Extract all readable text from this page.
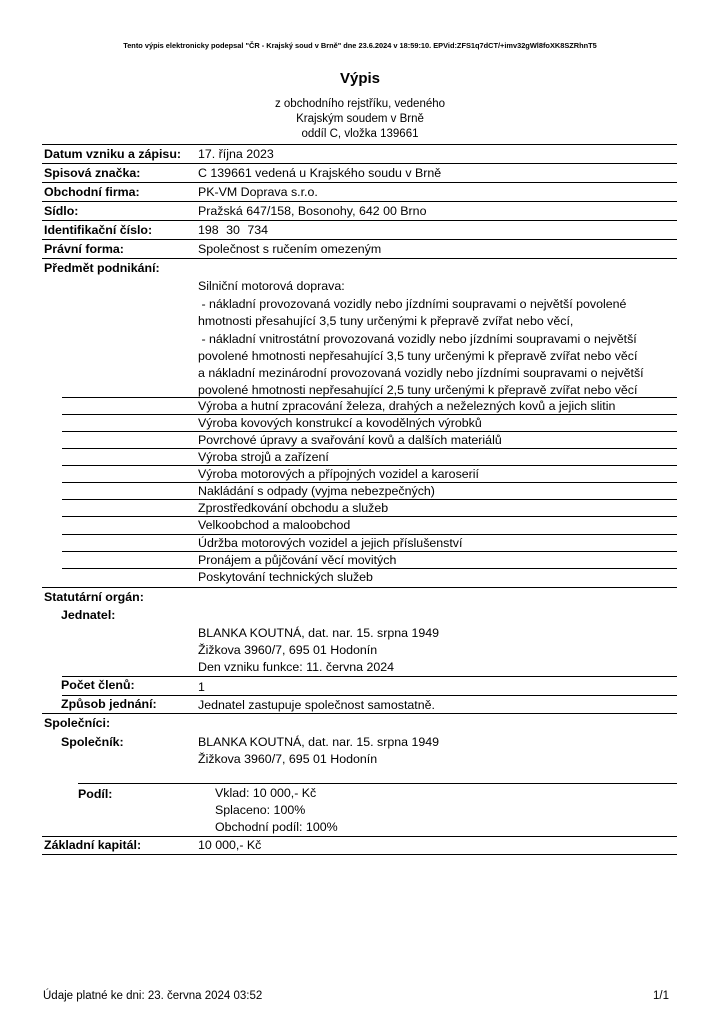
Tento výpis elektronicky podepsal "ČR - Krajský soud v Brně" dne 23.6.2024 v 18:59:10. EPVid:ZFS1q7dCT/+imv32gWl8foXK8SZRhnT5
Výpis
z obchodního rejstříku, vedeného
Krajským soudem v Brně
oddíl C, vložka 139661
Datum vzniku a zápisu: 17. října 2023
Spisová značka:	C 139661 vedená u Krajského soudu v Brně
Obchodní firma:	PK-VM Doprava s.r.o.
Sídlo:	Pražská 647/158, Bosonohy, 642 00 Brno
Identifikační číslo:	198 30 734
Právní forma:	Společnost s ručením omezeným
Předmět podnikání:
Silniční motorová doprava:
- nákladní provozovaná vozidly nebo jízdními soupravami o největší povolené
hmotnosti přesahující 3,5 tuny určenými k přepravě zvířat nebo věcí,
- nákladní vnitrostátní provozovaná vozidly nebo jízdními soupravami o největší
povolené hmotnosti nepřesahující 3,5 tuny určenými k přepravě zvířat nebo věcí
a nákladní mezinárodní provozovaná vozidly nebo jízdními soupravami o největší
povolené hmotnosti nepřesahující 2,5 tuny určenými k přepravě zvířat nebo věcí
Výroba a hutní zpracování železa, drahých a neželezných kovů a jejich slitin
Výroba kovových konstrukcí a kovodělných výrobků
Povrchové úpravy a svařování kovů a dalších materiálů
Výroba strojů a zařízení
Výroba motorových a přípojných vozidel a karoserií
Nakládání s odpady (vyjma nebezpečných)
Zprostředkování obchodu a služeb
Velkoobchod a maloobchod
Údržba motorových vozidel a jejich příslušenství
Pronájem a půjčování věcí movitých
Poskytování technických služeb
Statutární orgán:
Jednatel:
BLANKA KOUTNÁ, dat. nar. 15. srpna 1949
Žižkova 3960/7, 695 01 Hodonín
Den vzniku funkce: 11. června 2024
Počet členů:	1
Způsob jednání:	Jednatel zastupuje společnost samostatně.
Společníci:
Společník:	BLANKA KOUTNÁ, dat. nar. 15. srpna 1949
Žižkova 3960/7, 695 01 Hodonín
Podíl:	Vklad: 10 000,- Kč
Splaceno: 100%
Obchodní podíl: 100%
Základní kapitál:	10 000,- Kč
Údaje platné ke dni: 23. června 2024 03:52	1/1
